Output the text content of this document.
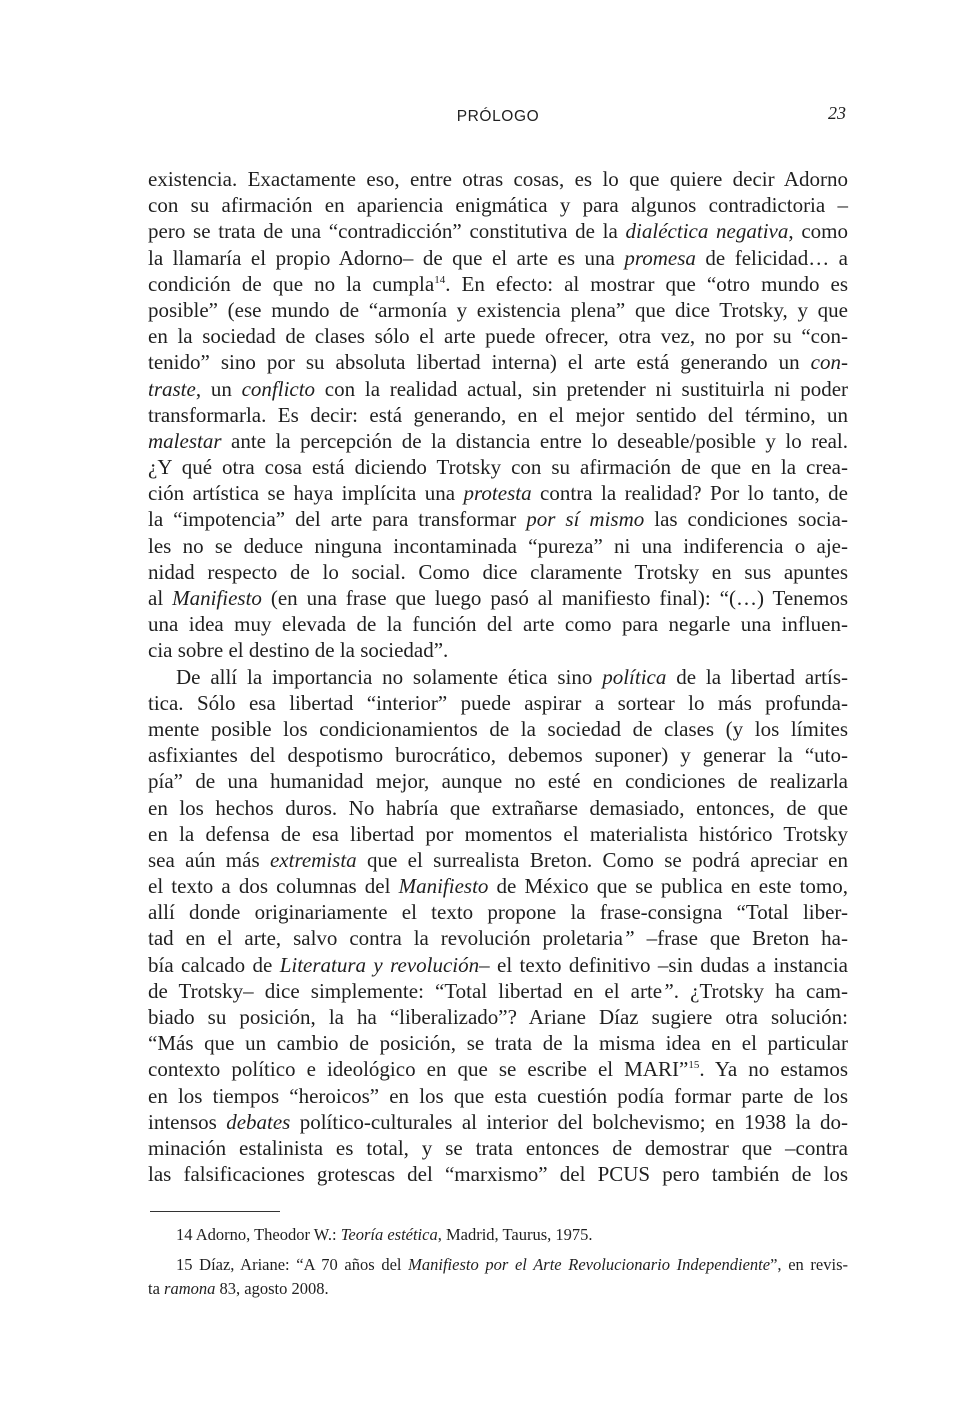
PRÓLOGO	23
existencia. Exactamente eso, entre otras cosas, es lo que quiere decir Adorno
con su afirmación en apariencia enigmática y para algunos contradictoria –
pero se trata de una “contradicción” constitutiva de la dialéctica negativa, como
la llamaría el propio Adorno– de que el arte es una promesa de felicidad… a
condición de que no la cumpla$^{14}$. En efecto: al mostrar que “otro mundo es
posible” (ese mundo de “armonía y existencia plena” que dice Trotsky, y que
en la sociedad de clases sólo el arte puede ofrecer, otra vez, no por su “con-
tenido” sino por su absoluta libertad interna) el arte está generando un con-
traste, un conflicto con la realidad actual, sin pretender ni sustituirla ni poder
transformarla. Es decir: está generando, en el mejor sentido del término, un
malestar ante la percepción de la distancia entre lo deseable/posible y lo real.
¿Y qué otra cosa está diciendo Trotsky con su afirmación de que en la crea-
ción artística se haya implícita una protesta contra la realidad? Por lo tanto, de
la “impotencia” del arte para transformar por sí mismo las condiciones socia-
les no se deduce ninguna incontaminada “pureza” ni una indiferencia o aje-
nidad respecto de lo social. Como dice claramente Trotsky en sus apuntes
al Manifiesto (en una frase que luego pasó al manifiesto final): “(…) Tenemos
una idea muy elevada de la función del arte como para negarle una influen-
cia sobre el destino de la sociedad”.
De allí la importancia no solamente ética sino política de la libertad artís-
tica. Sólo esa libertad “interior” puede aspirar a sortear lo más profunda-
mente posible los condicionamientos de la sociedad de clases (y los límites
asfixiantes del despotismo burocrático, debemos suponer) y generar la “uto-
pía” de una humanidad mejor, aunque no esté en condiciones de realizarla
en los hechos duros. No habría que extrañarse demasiado, entonces, de que
en la defensa de esa libertad por momentos el materialista histórico Trotsky
sea aún más extremista que el surrealista Breton. Como se podrá apreciar en
el texto a dos columnas del Manifiesto de México que se publica en este tomo,
allí donde originariamente el texto propone la frase-consigna “Total liber-
tad en el arte, salvo contra la revolución proletaria” –frase que Breton ha-
bía calcado de Literatura y revolución– el texto definitivo –sin dudas a instancia
de Trotsky– dice simplemente: “Total libertad en el arte”. ¿Trotsky ha cam-
biado su posición, la ha “liberalizado”? Ariane Díaz sugiere otra solución:
“Más que un cambio de posición, se trata de la misma idea en el particular
contexto político e ideológico en que se escribe el MARI”$^{15}$. Ya no estamos
en los tiempos “heroicos” en los que esta cuestión podía formar parte de los
intensos debates político-culturales al interior del bolchevismo; en 1938 la do-
minación estalinista es total, y se trata entonces de demostrar que –contra
las falsificaciones grotescas del “marxismo” del PCUS pero también de los
14 Adorno, Theodor W.: Teoría estética, Madrid, Taurus, 1975.
15 Díaz, Ariane: “A 70 años del Manifiesto por el Arte Revolucionario Independiente”, en revis-
ta ramona 83, agosto 2008.
